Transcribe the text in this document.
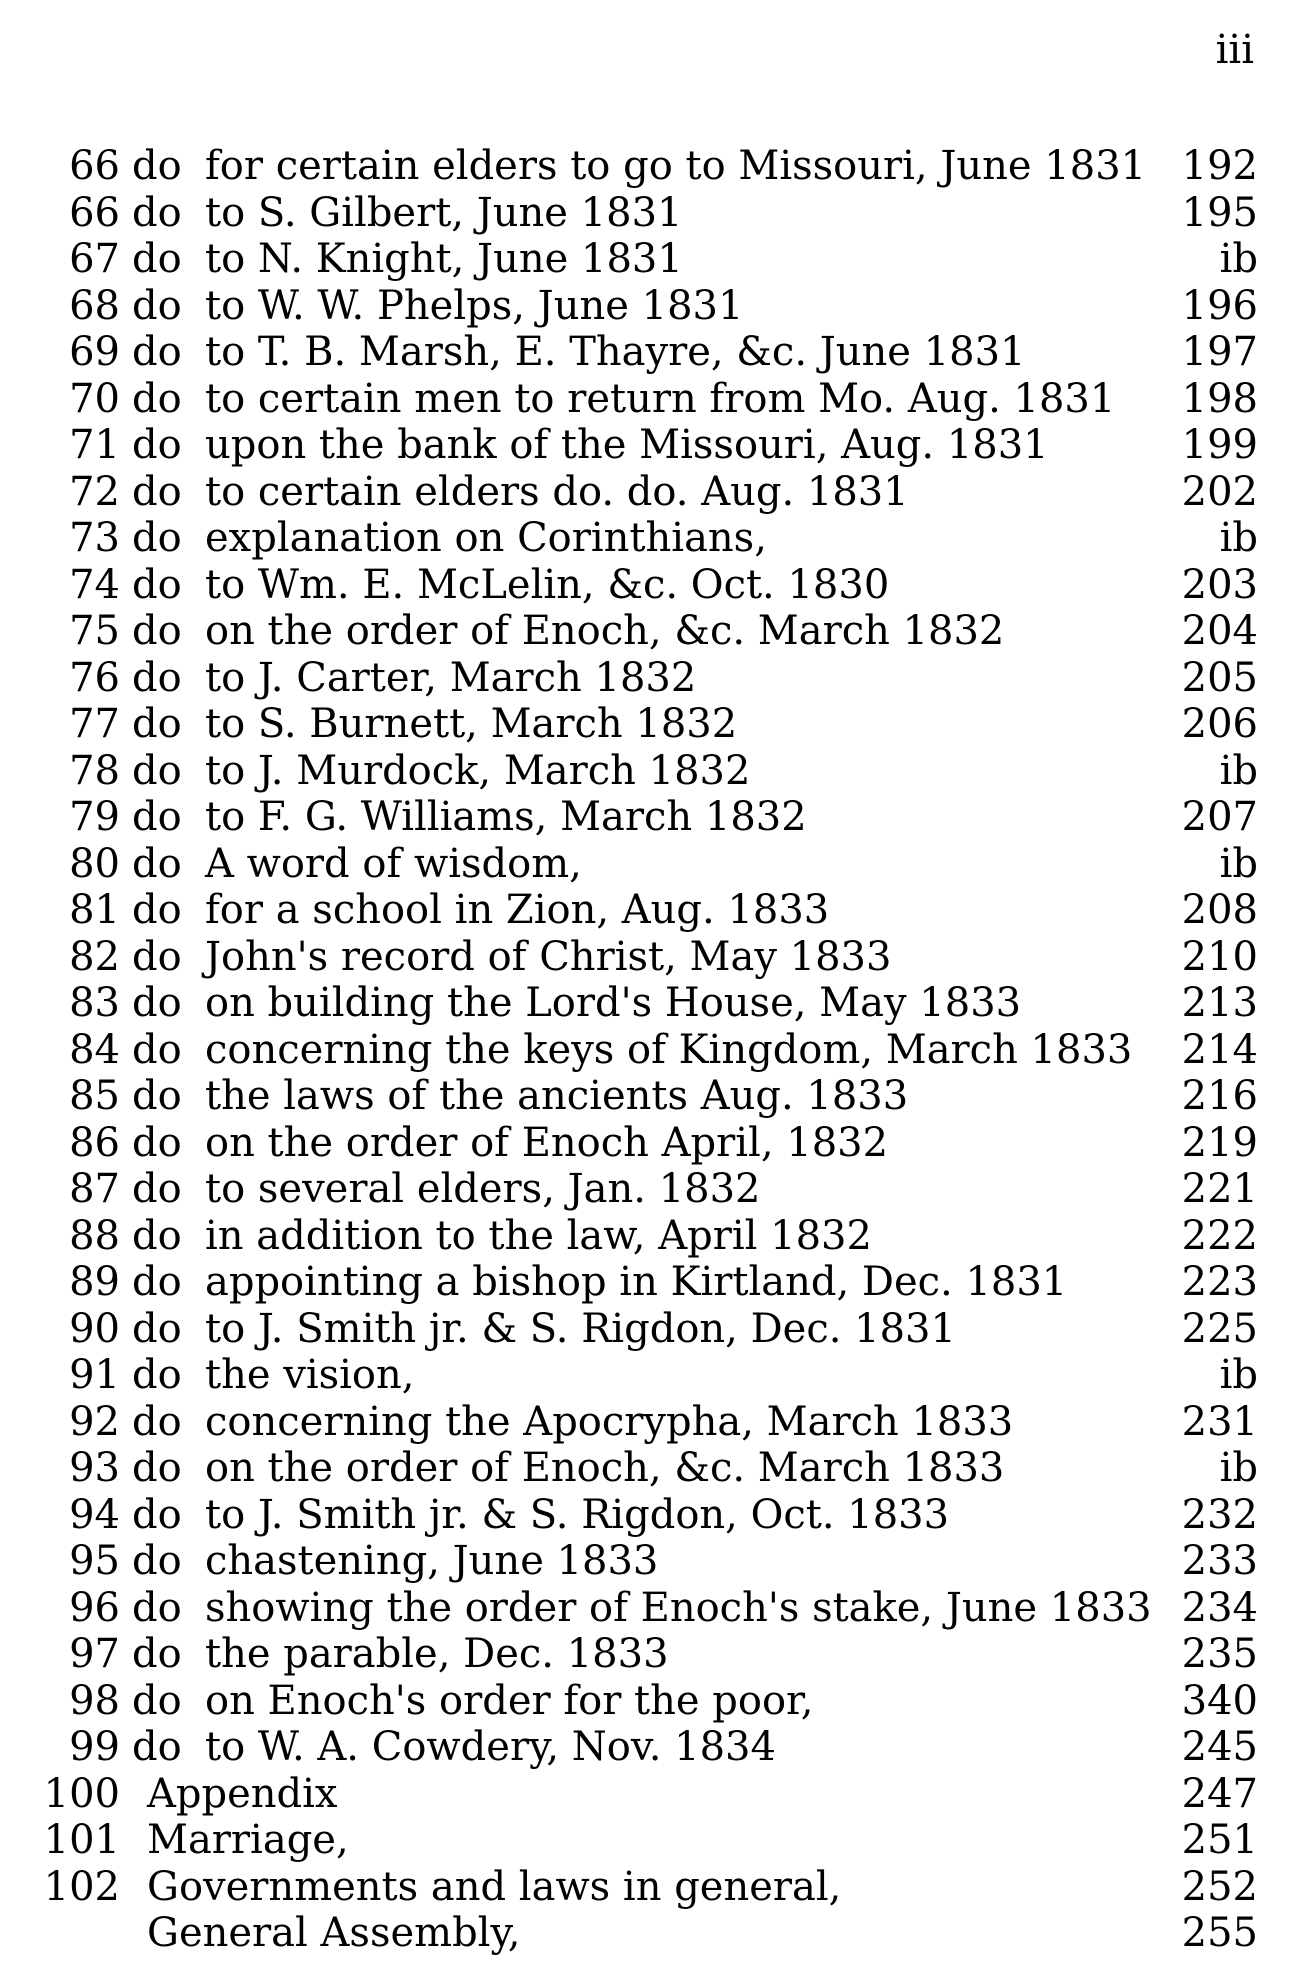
iii
66 do for certain elders to go to Missouri, June 1831 192
66 do to S. Gilbert, June 1831	195
67 do to N. Knight, June 1831	ib
68 do to W. W. Phelps, June 1831	196
69 do to T. B. Marsh, E. Thayre, &c. June 1831	197
70 do to certain men to return from Mo. Aug. 1831 198
71 do upon the bank of the Missouri, Aug. 1831	199
72 do to certain elders do. do. Aug. 1831	202
73 do explanation on Corinthians,	ib
74 do to Wm. E. McLelin, &c. Oct. 1830	203
75 do on the order of Enoch, &c. March 1832	204
76 do to J. Carter, March 1832	205
77 do to S. Burnett, March 1832	206
78 do to J. Murdock, March 1832	ib
79 do to F. G. Williams, March 1832	207
80 do A word of wisdom,	ib
81 do for a school in Zion, Aug. 1833	208
82 do John's record of Christ, May 1833	210
83 do on building the Lord's House, May 1833	213
84 do concerning the keys of Kingdom, March 1833 214
85 do the laws of the ancients Aug. 1833	216
86 do on the order of Enoch April, 1832	219
87 do to several elders, Jan. 1832	221
88 do in addition to the law, April 1832	222
89 do appointing a bishop in Kirtland, Dec. 1831	223
90 do to J. Smith jr. & S. Rigdon, Dec. 1831	225
91 do the vision,	ib
92 do concerning the Apocrypha, March 1833	231
93 do on the order of Enoch, &c. March 1833	ib
94 do to J. Smith jr. & S. Rigdon, Oct. 1833	232
95 do chastening, June 1833	233
96 do showing the order of Enoch's stake, June 1833 234
97 do the parable, Dec. 1833	235
98 do on Enoch's order for the poor,	340
99 do to W. A. Cowdery, Nov. 1834	245
100 Appendix	247
101 Marriage,	251
102 Governments and laws in general,	252
General Assembly,	255
